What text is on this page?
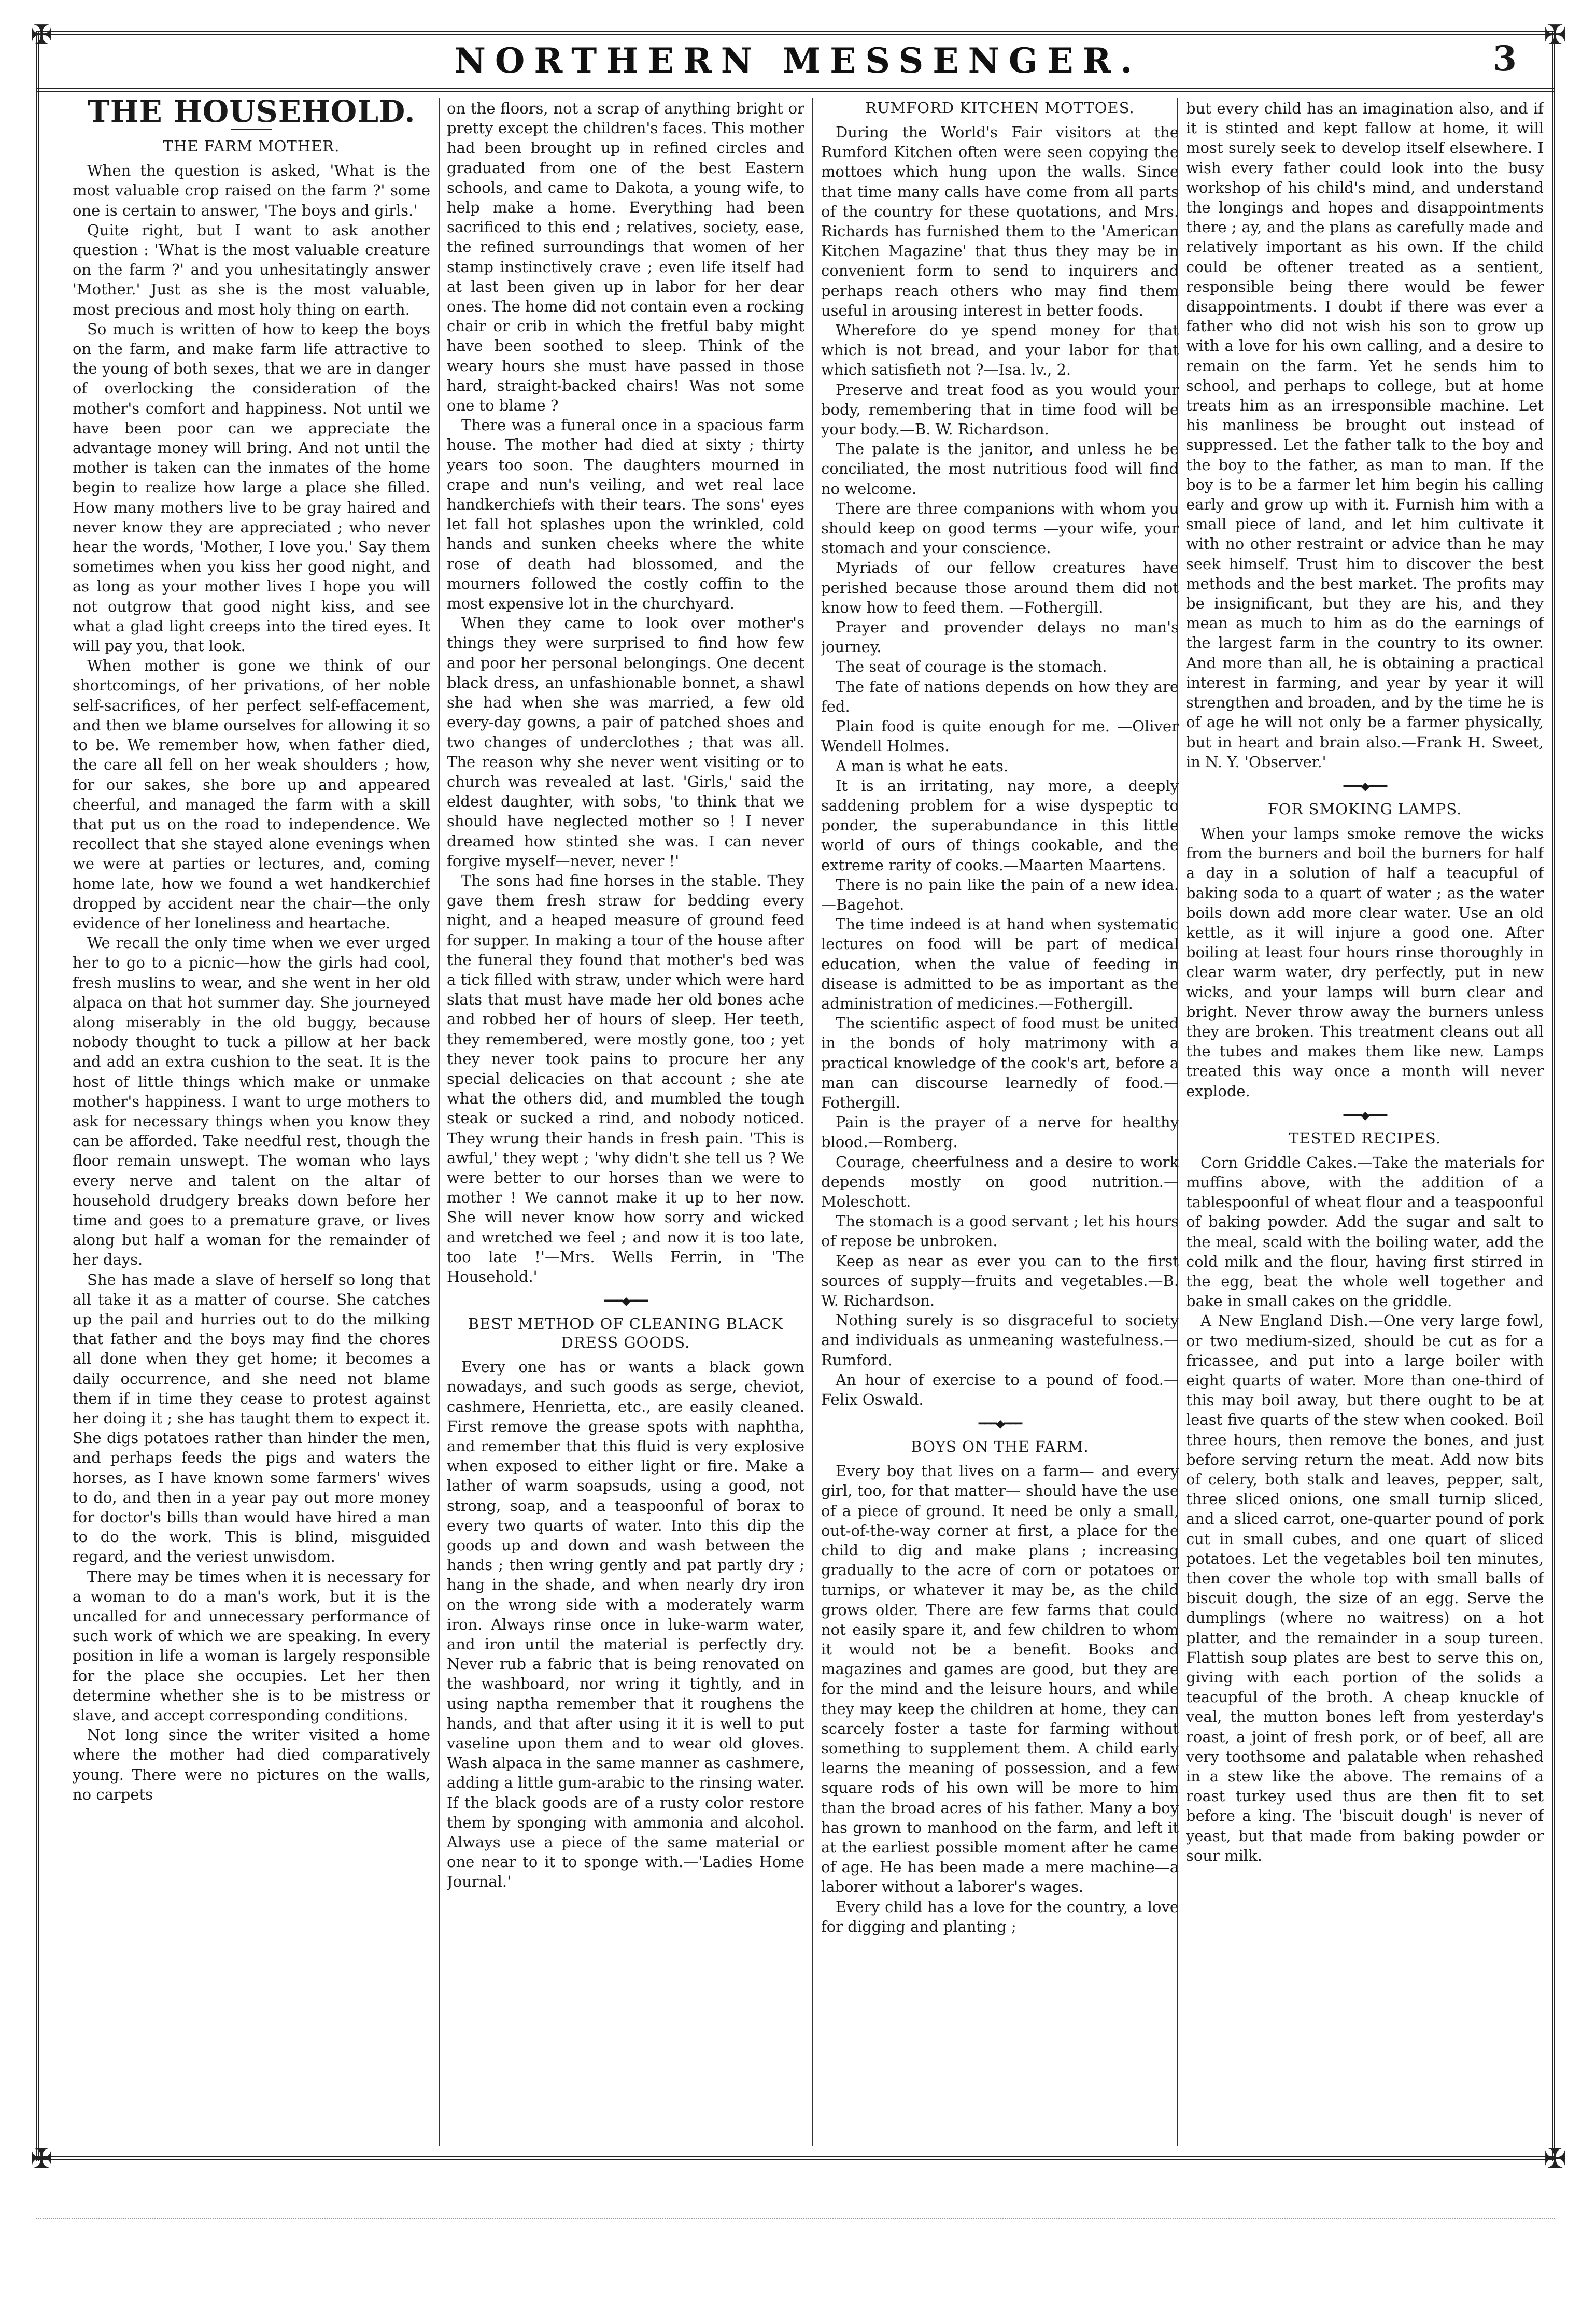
✠	✠
✠	✠
NORTHERN MESSENGER.	3
THE HOUSEHOLD.
THE FARM MOTHER.

When the question is asked, 'What is the most valuable crop raised on the farm ?' some one is certain to answer, 'The boys and girls.'

Quite right, but I want to ask another question : 'What is the most valuable creature on the farm ?' and you unhesitatingly answer 'Mother.' Just as she is the most valuable, most precious and most holy thing on earth.

So much is written of how to keep the boys on the farm, and make farm life attractive to the young of both sexes, that we are in danger of overlocking the consideration of the mother's comfort and happiness. Not until we have been poor can we appreciate the advantage money will bring. And not until the mother is taken can the inmates of the home begin to realize how large a place she filled. How many mothers live to be gray haired and never know they are appreciated ; who never hear the words, 'Mother, I love you.' Say them sometimes when you kiss her good night, and as long as your mother lives I hope you will not outgrow that good night kiss, and see what a glad light creeps into the tired eyes. It will pay you, that look.

When mother is gone we think of our shortcomings, of her privations, of her noble self-sacrifices, of her perfect self-effacement, and then we blame ourselves for allowing it so to be. We remember how, when father died, the care all fell on her weak shoulders ; how, for our sakes, she bore up and appeared cheerful, and managed the farm with a skill that put us on the road to independence. We recollect that she stayed alone evenings when we were at parties or lectures, and, coming home late, how we found a wet handkerchief dropped by accident near the chair—the only evidence of her loneliness and heartache.

We recall the only time when we ever urged her to go to a picnic—how the girls had cool, fresh muslins to wear, and she went in her old alpaca on that hot summer day. She journeyed along miserably in the old buggy, because nobody thought to tuck a pillow at her back and add an extra cushion to the seat. It is the host of little things which make or unmake mother's happiness. I want to urge mothers to ask for necessary things when you know they can be afforded. Take needful rest, though the floor remain unswept. The woman who lays every nerve and talent on the altar of household drudgery breaks down before her time and goes to a premature grave, or lives along but half a woman for the remainder of her days.

She has made a slave of herself so long that all take it as a matter of course. She catches up the pail and hurries out to do the milking that father and the boys may find the chores all done when they get home; it becomes a daily occurrence, and she need not blame them if in time they cease to protest against her doing it ; she has taught them to expect it. She digs potatoes rather than hinder the men, and perhaps feeds the pigs and waters the horses, as I have known some farmers' wives to do, and then in a year pay out more money for doctor's bills than would have hired a man to do the work. This is blind, misguided regard, and the veriest unwisdom.

There may be times when it is necessary for a woman to do a man's work, but it is the uncalled for and unnecessary performance of such work of which we are speaking. In every position in life a woman is largely responsible for the place she occupies. Let her then determine whether she is to be mistress or slave, and accept corresponding conditions.

Not long since the writer visited a home where the mother had died comparatively young. There were no pictures on the walls, no carpets

on the floors, not a scrap of anything bright or pretty except the children's faces. This mother had been brought up in refined circles and graduated from one of the best Eastern schools, and came to Dakota, a young wife, to help make a home. Everything had been sacrificed to this end ; relatives, society, ease, the refined surroundings that women of her stamp instinctively crave ; even life itself had at last been given up in labor for her dear ones. The home did not contain even a rocking chair or crib in which the fretful baby might have been soothed to sleep. Think of the weary hours she must have passed in those hard, straight-backed chairs! Was not some one to blame ?

There was a funeral once in a spacious farm house. The mother had died at sixty ; thirty years too soon. The daughters mourned in crape and nun's veiling, and wet real lace handkerchiefs with their tears. The sons' eyes let fall hot splashes upon the wrinkled, cold hands and sunken cheeks where the white rose of death had blossomed, and the mourners followed the costly coffin to the most expensive lot in the churchyard.

When they came to look over mother's things they were surprised to find how few and poor her personal belongings. One decent black dress, an unfashionable bonnet, a shawl she had when she was married, a few old every-day gowns, a pair of patched shoes and two changes of underclothes ; that was all. The reason why she never went visiting or to church was revealed at last. 'Girls,' said the eldest daughter, with sobs, 'to think that we should have neglected mother so ! I never dreamed how stinted she was. I can never forgive myself—never, never !'

The sons had fine horses in the stable. They gave them fresh straw for bedding every night, and a heaped measure of ground feed for supper. In making a tour of the house after the funeral they found that mother's bed was a tick filled with straw, under which were hard slats that must have made her old bones ache and robbed her of hours of sleep. Her teeth, they remembered, were mostly gone, too ; yet they never took pains to procure her any special delicacies on that account ; she ate what the others did, and mumbled the tough steak or sucked a rind, and nobody noticed. They wrung their hands in fresh pain. 'This is awful,' they wept ; 'why didn't she tell us ? We were better to our horses than we were to mother ! We cannot make it up to her now. She will never know how sorry and wicked and wretched we feel ; and now it is too late, too late !'—Mrs. Wells Ferrin, in 'The Household.'

━━━◆━━━
BEST METHOD OF CLEANING BLACK DRESS GOODS.

Every one has or wants a black gown nowadays, and such goods as serge, cheviot, cashmere, Henrietta, etc., are easily cleaned. First remove the grease spots with naphtha, and remember that this fluid is very explosive when exposed to either light or fire. Make a lather of warm soapsuds, using a good, not strong, soap, and a teaspoonful of borax to every two quarts of water. Into this dip the goods up and down and wash between the hands ; then wring gently and pat partly dry ; hang in the shade, and when nearly dry iron on the wrong side with a moderately warm iron. Always rinse once in luke-warm water, and iron until the material is perfectly dry. Never rub a fabric that is being renovated on the washboard, nor wring it tightly, and in using naptha remember that it roughens the hands, and that after using it it is well to put vaseline upon them and to wear old gloves. Wash alpaca in the same manner as cashmere, adding a little gum-arabic to the rinsing water. If the black goods are of a rusty color restore them by sponging with ammonia and alcohol. Always use a piece of the same material or one near to it to sponge with.—'Ladies Home Journal.'

RUMFORD KITCHEN MOTTOES.

During the World's Fair visitors at the Rumford Kitchen often were seen copying the mottoes which hung upon the walls. Since that time many calls have come from all parts of the country for these quotations, and Mrs. Richards has furnished them to the 'American Kitchen Magazine' that thus they may be in convenient form to send to inquirers and perhaps reach others who may find them useful in arousing interest in better foods.

Wherefore do ye spend money for that which is not bread, and your labor for that which satisfieth not ?—Isa. lv., 2.

Preserve and treat food as you would your body, remembering that in time food will be your body.—B. W. Richardson.

The palate is the janitor, and unless he be conciliated, the most nutritious food will find no welcome.

There are three companions with whom you should keep on good terms —your wife, your stomach and your conscience.

Myriads of our fellow creatures have perished because those around them did not know how to feed them. —Fothergill.

Prayer and provender delays no man's journey.

The seat of courage is the stomach.

The fate of nations depends on how they are fed.

Plain food is quite enough for me. —Oliver Wendell Holmes.

A man is what he eats.

It is an irritating, nay more, a deeply saddening problem for a wise dyspeptic to ponder, the superabundance in this little world of ours of things cookable, and the extreme rarity of cooks.—Maarten Maartens.

There is no pain like the pain of a new idea.—Bagehot.

The time indeed is at hand when systematic lectures on food will be part of medical education, when the value of feeding in disease is admitted to be as important as the administration of medicines.—Fothergill.

The scientific aspect of food must be united in the bonds of holy matrimony with a practical knowledge of the cook's art, before a man can discourse learnedly of food.—Fothergill.

Pain is the prayer of a nerve for healthy blood.—Romberg.

Courage, cheerfulness and a desire to work depends mostly on good nutrition.—Moleschott.

The stomach is a good servant ; let his hours of repose be unbroken.

Keep as near as ever you can to the first sources of supply—fruits and vegetables.—B. W. Richardson.

Nothing surely is so disgraceful to society and individuals as unmeaning wastefulness.—Rumford.

An hour of exercise to a pound of food.—Felix Oswald.

━━━◆━━━
BOYS ON THE FARM.

Every boy that lives on a farm— and every girl, too, for that matter— should have the use of a piece of ground. It need be only a small, out-of-the-way corner at first, a place for the child to dig and make plans ; increasing gradually to the acre of corn or potatoes or turnips, or whatever it may be, as the child grows older. There are few farms that could not easily spare it, and few children to whom it would not be a benefit. Books and magazines and games are good, but they are for the mind and the leisure hours, and while they may keep the children at home, they can scarcely foster a taste for farming without something to supplement them. A child early learns the meaning of possession, and a few square rods of his own will be more to him than the broad acres of his father. Many a boy has grown to manhood on the farm, and left it at the earliest possible moment after he came of age. He has been made a mere machine—a laborer without a laborer's wages.

Every child has a love for the country, a love for digging and planting ;

but every child has an imagination also, and if it is stinted and kept fallow at home, it will most surely seek to develop itself elsewhere. I wish every father could look into the busy workshop of his child's mind, and understand the longings and hopes and disappointments there ; ay, and the plans as carefully made and relatively important as his own. If the child could be oftener treated as a sentient, responsible being there would be fewer disappointments. I doubt if there was ever a father who did not wish his son to grow up with a love for his own calling, and a desire to remain on the farm. Yet he sends him to school, and perhaps to college, but at home treats him as an irresponsible machine. Let his manliness be brought out instead of suppressed. Let the father talk to the boy and the boy to the father, as man to man. If the boy is to be a farmer let him begin his calling early and grow up with it. Furnish him with a small piece of land, and let him cultivate it with no other restraint or advice than he may seek himself. Trust him to discover the best methods and the best market. The profits may be insignificant, but they are his, and they mean as much to him as do the earnings of the largest farm in the country to its owner. And more than all, he is obtaining a practical interest in farming, and year by year it will strengthen and broaden, and by the time he is of age he will not only be a farmer physically, but in heart and brain also.—Frank H. Sweet, in N. Y. 'Observer.'

━━━◆━━━
FOR SMOKING LAMPS.

When your lamps smoke remove the wicks from the burners and boil the burners for half a day in a solution of half a teacupful of baking soda to a quart of water ; as the water boils down add more clear water. Use an old kettle, as it will injure a good one. After boiling at least four hours rinse thoroughly in clear warm water, dry perfectly, put in new wicks, and your lamps will burn clear and bright. Never throw away the burners unless they are broken. This treatment cleans out all the tubes and makes them like new. Lamps treated this way once a month will never explode.

━━━◆━━━
TESTED RECIPES.

Corn Griddle Cakes.—Take the materials for muffins above, with the addition of a tablespoonful of wheat flour and a teaspoonful of baking powder. Add the sugar and salt to the meal, scald with the boiling water, add the cold milk and the flour, having first stirred in the egg, beat the whole well together and bake in small cakes on the griddle.

A New England Dish.—One very large fowl, or two medium-sized, should be cut as for a fricassee, and put into a large boiler with eight quarts of water. More than one-third of this may boil away, but there ought to be at least five quarts of the stew when cooked. Boil three hours, then remove the bones, and just before serving return the meat. Add now bits of celery, both stalk and leaves, pepper, salt, three sliced onions, one small turnip sliced, and a sliced carrot, one-quarter pound of pork cut in small cubes, and one quart of sliced potatoes. Let the vegetables boil ten minutes, then cover the whole top with small balls of biscuit dough, the size of an egg. Serve the dumplings (where no waitress) on a hot platter, and the remainder in a soup tureen. Flattish soup plates are best to serve this on, giving with each portion of the solids a teacupful of the broth. A cheap knuckle of veal, the mutton bones left from yesterday's roast, a joint of fresh pork, or of beef, all are very toothsome and palatable when rehashed in a stew like the above. The remains of a roast turkey used thus are then fit to set before a king. The 'biscuit dough' is never of yeast, but that made from baking powder or sour milk.
